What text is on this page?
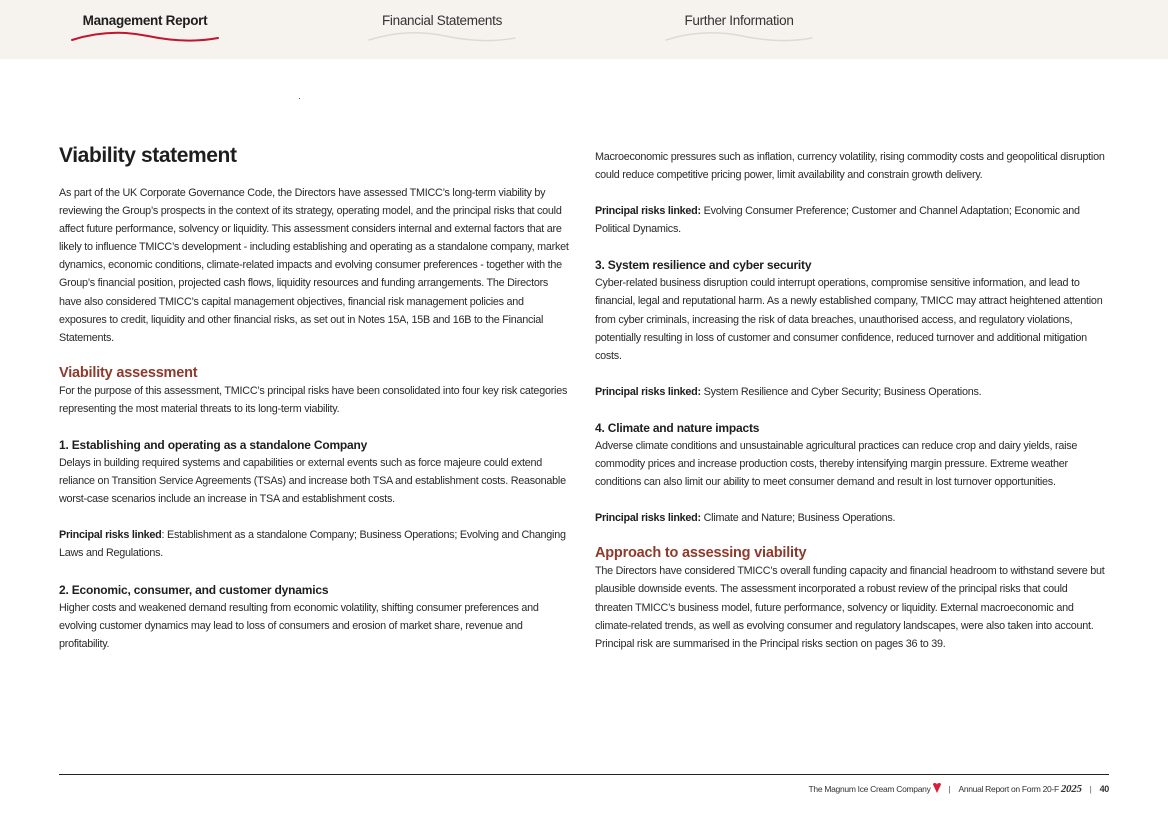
Management Report	Financial Statements	Further Information
Viability statement

As part of the UK Corporate Governance Code, the Directors have assessed TMICC’s long-term viability by reviewing the Group’s prospects in the context of its strategy, operating model, and the principal risks that could affect future performance, solvency or liquidity. This assessment considers internal and external factors that are likely to influence TMICC’s development - including establishing and operating as a standalone company, market dynamics, economic conditions, climate-related impacts and evolving consumer preferences - together with the Group’s financial position, projected cash flows, liquidity resources and funding arrangements. The Directors have also considered TMICC’s capital management objectives, financial risk management policies and exposures to credit, liquidity and other financial risks, as set out in Notes 15A, 15B and 16B to the Financial Statements.

Viability assessment

For the purpose of this assessment, TMICC’s principal risks have been consolidated into four key risk categories representing the most material threats to its long-term viability.

1. Establishing and operating as a standalone Company

Delays in building required systems and capabilities or external events such as force majeure could extend reliance on Transition Service Agreements (TSAs) and increase both TSA and establishment costs. Reasonable worst-case scenarios include an increase in TSA and establishment costs.

Principal risks linked: Establishment as a standalone Company; Business Operations; Evolving and Changing Laws and Regulations.

2. Economic, consumer, and customer dynamics

Higher costs and weakened demand resulting from economic volatility, shifting consumer preferences and evolving customer dynamics may lead to loss of consumers and erosion of market share, revenue and profitability.

Macroeconomic pressures such as inflation, currency volatility, rising commodity costs and geopolitical disruption could reduce competitive pricing power, limit availability and constrain growth delivery.

Principal risks linked: Evolving Consumer Preference; Customer and Channel Adaptation; Economic and Political Dynamics.

3. System resilience and cyber security

Cyber-related business disruption could interrupt operations, compromise sensitive information, and lead to financial, legal and reputational harm. As a newly established company, TMICC may attract heightened attention from cyber criminals, increasing the risk of data breaches, unauthorised access, and regulatory violations, potentially resulting in loss of customer and consumer confidence, reduced turnover and additional mitigation costs.

Principal risks linked: System Resilience and Cyber Security; Business Operations.

4. Climate and nature impacts

Adverse climate conditions and unsustainable agricultural practices can reduce crop and dairy yields, raise commodity prices and increase production costs, thereby intensifying margin pressure. Extreme weather conditions can also limit our ability to meet consumer demand and result in lost turnover opportunities.

Principal risks linked: Climate and Nature; Business Operations.

Approach to assessing viability

The Directors have considered TMICC’s overall funding capacity and financial headroom to withstand severe but plausible downside events. The assessment incorporated a robust review of the principal risks that could threaten TMICC’s business model, future performance, solvency or liquidity. External macroeconomic and climate-related trends, as well as evolving consumer and regulatory landscapes, were also taken into account. Principal risk are summarised in the Principal risks section on pages 36 to 39.

The Magnum Ice Cream Company | Annual Report on Form 20-F 2025 | 40
